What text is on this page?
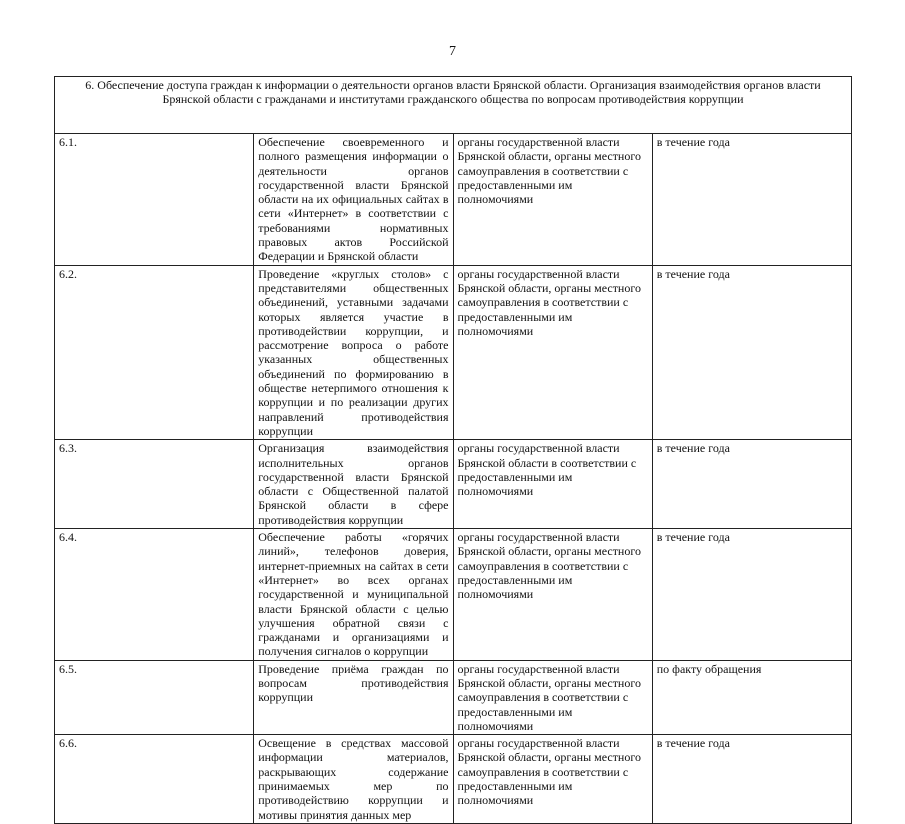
7
6. Обеспечение доступа граждан к информации о деятельности органов власти Брянской области. Организация взаимодействия органов власти Брянской области с гражданами и институтами гражданского общества по вопросам противодействия коррупции			
6.1.	Обеспечение своевременного и полного размещения информации о деятельности органов государственной власти Брянской области на их официальных сайтах в сети «Интернет» в соответствии с требованиями нормативных правовых актов Российской Федерации и Брянской области	органы государственной власти Брянской области, органы местного самоуправления в соответствии с предоставленными им полномочиями	в течение года
6.2.	Проведение «круглых столов» с представителями общественных объединений, уставными задачами которых является участие в противодействии коррупции, и рассмотрение вопроса о работе указанных общественных объединений по формированию в обществе нетерпимого отношения к коррупции и по реализации других направлений противодействия коррупции	органы государственной власти Брянской области, органы местного самоуправления в соответствии с предоставленными им полномочиями	в течение года
6.3.	Организация взаимодействия исполнительных органов государственной власти Брянской области с Общественной палатой Брянской области в сфере противодействия коррупции	органы государственной власти Брянской области в соответствии с предоставленными им полномочиями	в течение года
6.4.	Обеспечение работы «горячих линий», телефонов доверия, интернет-приемных на сайтах в сети «Интернет» во всех органах государственной и муниципальной власти Брянской области с целью улучшения обратной связи с гражданами и организациями и получения сигналов о коррупции	органы государственной власти Брянской области, органы местного самоуправления в соответствии с предоставленными им полномочиями	в течение года
6.5.	Проведение приёма граждан по вопросам противодействия коррупции	органы государственной власти Брянской области, органы местного самоуправления в соответствии с предоставленными им полномочиями	по факту обращения
6.6.	Освещение в средствах массовой информации материалов, раскрывающих содержание принимаемых мер по противодействию коррупции и мотивы принятия данных мер	органы государственной власти Брянской области, органы местного самоуправления в соответствии с предоставленными им полномочиями	в течение года
